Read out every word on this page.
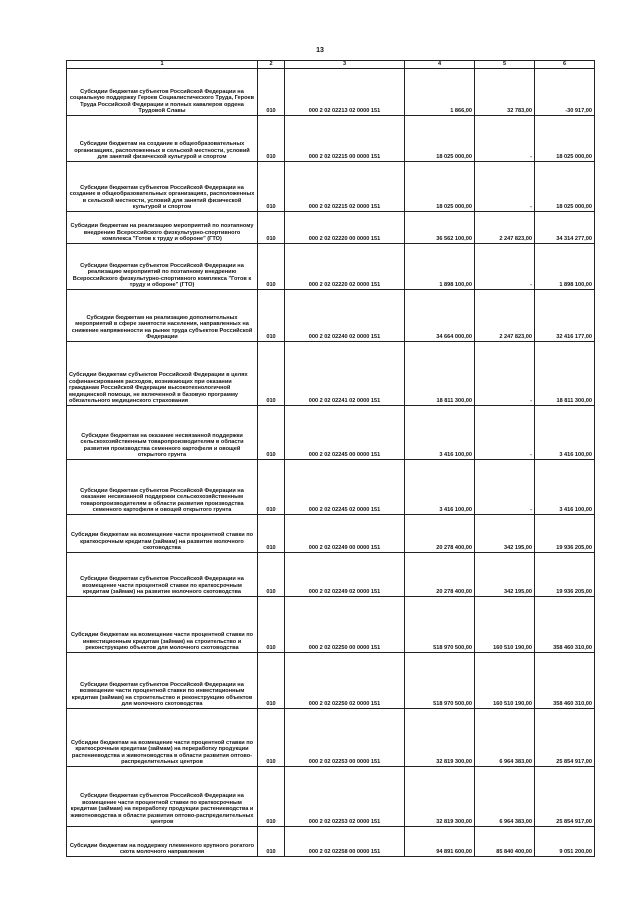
13
1	2	3	4	5	6
Субсидии бюджетам субъектов Российской Федерации на социальную поддержку Героев Социалистического Труда, Героев Труда Российской Федерации и полных кавалеров ордена Трудовой Славы	010	000 2 02 02213 02 0000 151	1 866,00	32 783,00	-30 917,00
Субсидии бюджетам на создание в общеобразовательных организациях, расположенных в сельской местности, условий для занятий физической культурой и спортом	010	000 2 02 02215 00 0000 151	18 025 000,00	-	18 025 000,00
Субсидии бюджетам субъектов Российской Федерации на создание в общеобразовательных организациях, расположенных в сельской местности, условий для занятий физической культурой и спортом	010	000 2 02 02215 02 0000 151	18 025 000,00	-	18 025 000,00
Субсидии бюджетам на реализацию мероприятий по поэтапному внедрению Всероссийского физкультурно-спортивного комплекса "Готов к труду и обороне" (ГТО)	010	000 2 02 02220 00 0000 151	36 562 100,00	2 247 823,00	34 314 277,00
Субсидии бюджетам субъектов Российской Федерации на реализацию мероприятий по поэтапному внедрению Всероссийского физкультурно-спортивного комплекса "Готов к труду и обороне" (ГТО)	010	000 2 02 02220 02 0000 151	1 898 100,00	-	1 898 100,00
Субсидии бюджетам на реализацию дополнительных мероприятий в сфере занятости населения, направленных на снижение напряженности на рынке труда субъектов Российской Федерации	010	000 2 02 02240 02 0000 151	34 664 000,00	2 247 823,00	32 416 177,00
Субсидии бюджетам субъектов Российской Федерации в целях софинансирования расходов, возникающих при оказании гражданам Российской Федерации высокотехнологичной медицинской помощи, не включенной в базовую программу обязательного медицинского страхования	010	000 2 02 02241 02 0000 151	18 811 300,00	-	18 811 300,00
Субсидии бюджетам на оказание несвязанной поддержки сельскохозяйственным товаропроизводителям в области развития производства семенного картофеля и овощей открытого грунта	010	000 2 02 02245 00 0000 151	3 416 100,00	-	3 416 100,00
Субсидии бюджетам субъектов Российской Федерации на оказание несвязанной поддержки сельскохозяйственным товаропроизводителям в области развития производства семенного картофеля и овощей открытого грунта	010	000 2 02 02245 02 0000 151	3 416 100,00	-	3 416 100,00
Субсидии бюджетам на возмещение части процентной ставки по краткосрочным кредитам (займам) на развитие молочного скотоводства	010	000 2 02 02249 00 0000 151	20 278 400,00	342 195,00	19 936 205,00
Субсидии бюджетам субъектов Российской Федерации на возмещение части процентной ставки по краткосрочным кредитам (займам) на развитие молочного скотоводства	010	000 2 02 02249 02 0000 151	20 278 400,00	342 195,00	19 936 205,00
Субсидии бюджетам на возмещение части процентной ставки по инвестиционным кредитам (займам) на строительство и реконструкцию объектов для молочного скотоводства	010	000 2 02 02250 00 0000 151	518 970 500,00	160 510 190,00	358 460 310,00
Субсидии бюджетам субъектов Российской Федерации на возмещение части процентной ставки по инвестиционным кредитам (займам) на строительство и реконструкцию объектов для молочного скотоводства	010	000 2 02 02250 02 0000 151	518 970 500,00	160 510 190,00	358 460 310,00
Субсидии бюджетам на возмещение части процентной ставки по краткосрочным кредитам (займам) на переработку продукции растениеводства и животноводства в области развития оптово-распределительных центров	010	000 2 02 02253 00 0000 151	32 819 300,00	6 964 383,00	25 854 917,00
Субсидии бюджетам субъектов Российской Федерации на возмещение части процентной ставки по краткосрочным кредитам (займам) на переработку продукции растениеводства и животноводства в области развития оптово-распределительных центров	010	000 2 02 02253 02 0000 151	32 819 300,00	6 964 383,00	25 854 917,00
Субсидии бюджетам на поддержку племенного крупного рогатого скота молочного направления	010	000 2 02 02258 00 0000 151	94 891 600,00	85 840 400,00	9 051 200,00
